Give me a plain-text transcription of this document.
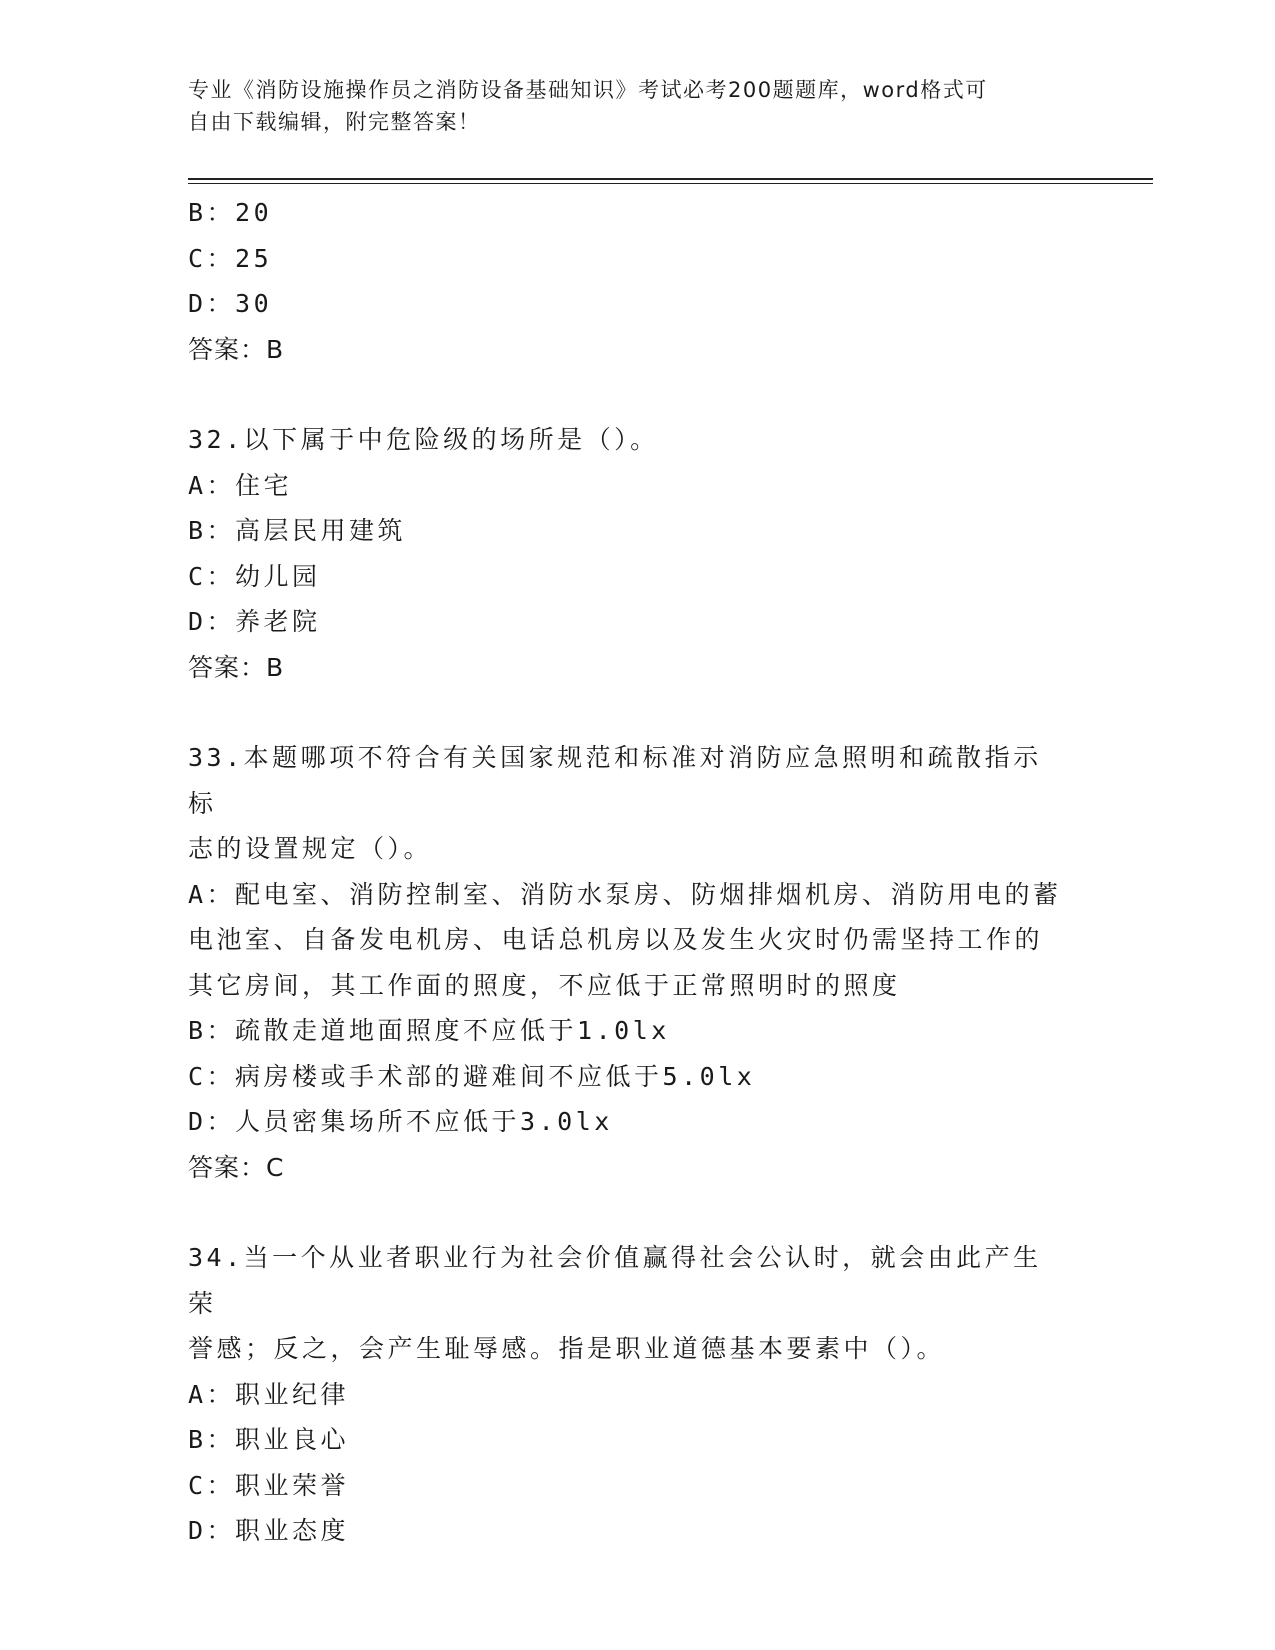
专业《消防设施操作员之消防设备基础知识》考试必考200题题库，word格式可
自由下载编辑，附完整答案！
B：20
C：25
D：30
答案：B
32.以下属于中危险级的场所是（）。
A：住宅
B：高层民用建筑
C：幼儿园
D：养老院
答案：B
33.本题哪项不符合有关国家规范和标准对消防应急照明和疏散指示标
志的设置规定（）。
A：配电室、消防控制室、消防水泵房、防烟排烟机房、消防用电的蓄
电池室、自备发电机房、电话总机房以及发生火灾时仍需坚持工作的
其它房间，其工作面的照度，不应低于正常照明时的照度
B：疏散走道地面照度不应低于1.0lx
C：病房楼或手术部的避难间不应低于5.0lx
D：人员密集场所不应低于3.0lx
答案：C
34.当一个从业者职业行为社会价值赢得社会公认时，就会由此产生荣
誉感；反之，会产生耻辱感。指是职业道德基本要素中（）。
A：职业纪律
B：职业良心
C：职业荣誉
D：职业态度
